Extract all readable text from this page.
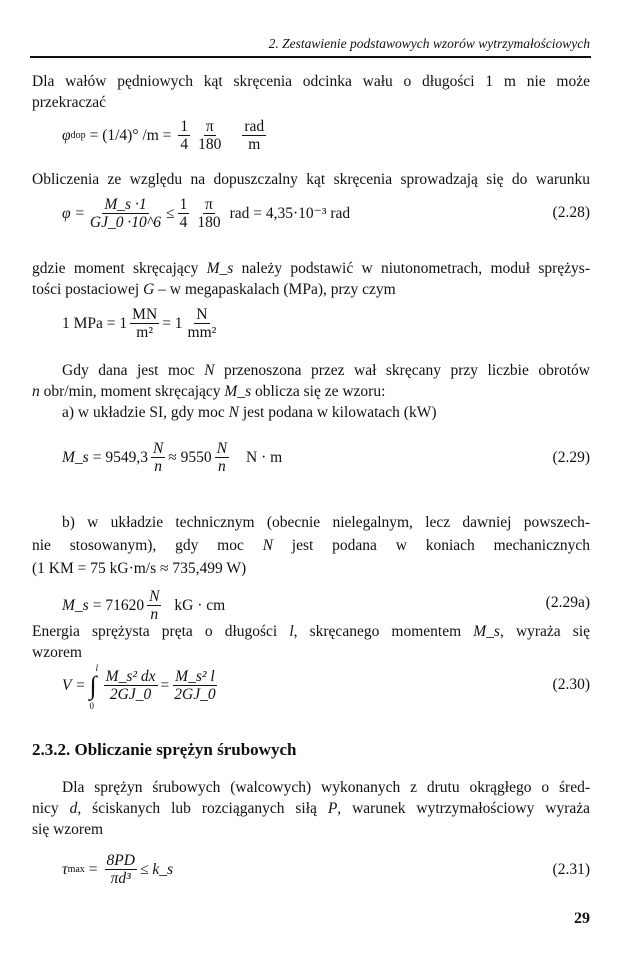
2. Zestawienie podstawowych wzorów wytrzymałościowych
Dla wałów pędniowych kąt skręcenia odcinka wału o długości 1 m nie może
przekraczać
φ dop = (1/4)° $/m = \frac{1}{4} \frac{\pi}{180} \frac{\text{rad}}{m}$
Obliczenia ze względu na dopuszczalny kąt skręcenia sprowadzają się do warunku
$\varphi = \frac{M\_s \cdot 1}{GJ\_0 \cdot 10\^{}6} \le \frac{1}{4} \frac{\pi}{180}$ rad = 4,35·10⁻³ rad	(2.28)
gdzie moment skręcający M_s należy podstawić w niutonometrach, moduł sprężys-
tości postaciowej G – w megapaskalach (MPa), przy czym
1 MPa = $1 \frac{MN}{\text{m²}} = 1 \frac{N}{\text{mm²}}$
Gdy dana jest moc N przenoszona przez wał skręcany przy liczbie obrotów
n obr/min, moment skręcający M_s oblicza się ze wzoru:
a) w układzie SI, gdy moc N jest podana w kilowatach (kW)
M_s = $9549,3 \frac{N}{n} \approx 9550 \frac{N}{n}$ N · m	(2.29)
b) w układzie technicznym (obecnie nielegalnym, lecz dawniej powszech-
nie stosowanym), gdy moc N jest podana w koniach mechanicznych
(1 KM = 75 kG·m/s ≈ 735,499 W)
M_s = $71620 \frac{N}{n}$ kG · cm	(2.29a)
Energia sprężysta pręta o długości l, skręcanego momentem M_s, wyraża się
wzorem
V = ∫
l
0
$\frac{\text{M\_s² dx}}{2GJ\_0} = \frac{\text{M\_s² l}}{2GJ\_0}$	(2.30)
2.3.2. Obliczanie sprężyn śrubowych
Dla sprężyn śrubowych (walcowych) wykonanych z drutu okrągłego o śred-
nicy d, ściskanych lub rozciąganych siłą P, warunek wytrzymałościowy wyraża
się wzorem
τ $\max = \frac{8PD}{\text{πd³}}$ ≤ k_s	(2.31)
29
